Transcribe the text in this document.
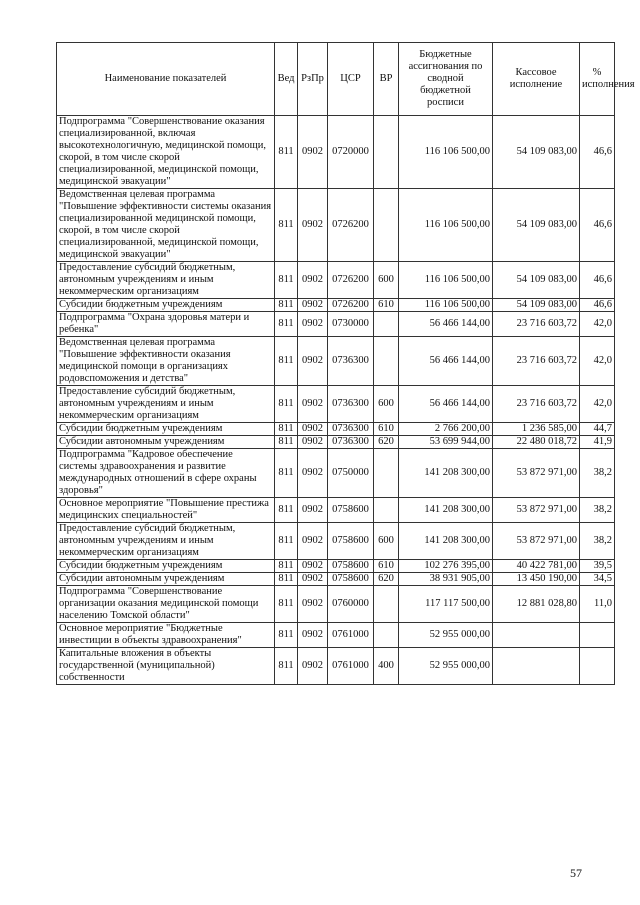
Наименование показателей	Вед	РзПр	ЦСР	ВР	Бюджетные ассигнования по сводной бюджетной росписи	Кассовое исполнение	% исполнения
Подпрограмма "Совершенствование оказания специализированной, включая высокотехнологичную, медицинской помощи, скорой, в том числе скорой специализированной, медицинской помощи, медицинской эвакуации"	811	0902	0720000		116 106 500,00	54 109 083,00	46,6
Ведомственная целевая программа "Повышение эффективности системы оказания специализированной медицинской помощи, скорой, в том числе скорой специализированной, медицинской помощи, медицинской эвакуации"	811	0902	0726200		116 106 500,00	54 109 083,00	46,6
Предоставление субсидий бюджетным, автономным учреждениям и иным некоммерческим организациям	811	0902	0726200	600	116 106 500,00	54 109 083,00	46,6
Субсидии бюджетным учреждениям	811	0902	0726200	610	116 106 500,00	54 109 083,00	46,6
Подпрограмма "Охрана здоровья матери и ребенка"	811	0902	0730000		56 466 144,00	23 716 603,72	42,0
Ведомственная целевая программа "Повышение эффективности оказания медицинской помощи в организациях родовспоможения и детства"	811	0902	0736300		56 466 144,00	23 716 603,72	42,0
Предоставление субсидий бюджетным, автономным учреждениям и иным некоммерческим организациям	811	0902	0736300	600	56 466 144,00	23 716 603,72	42,0
Субсидии бюджетным учреждениям	811	0902	0736300	610	2 766 200,00	1 236 585,00	44,7
Субсидии автономным учреждениям	811	0902	0736300	620	53 699 944,00	22 480 018,72	41,9
Подпрограмма "Кадровое обеспечение системы здравоохранения и развитие международных отношений в сфере охраны здоровья"	811	0902	0750000		141 208 300,00	53 872 971,00	38,2
Основное мероприятие "Повышение престижа медицинских специальностей"	811	0902	0758600		141 208 300,00	53 872 971,00	38,2
Предоставление субсидий бюджетным, автономным учреждениям и иным некоммерческим организациям	811	0902	0758600	600	141 208 300,00	53 872 971,00	38,2
Субсидии бюджетным учреждениям	811	0902	0758600	610	102 276 395,00	40 422 781,00	39,5
Субсидии автономным учреждениям	811	0902	0758600	620	38 931 905,00	13 450 190,00	34,5
Подпрограмма "Совершенствование организации оказания медицинской помощи населению Томской области"	811	0902	0760000		117 117 500,00	12 881 028,80	11,0
Основное мероприятие "Бюджетные инвестиции в объекты здравоохранения"	811	0902	0761000		52 955 000,00		
Капитальные вложения в объекты государственной (муниципальной) собственности	811	0902	0761000	400	52 955 000,00		
57
